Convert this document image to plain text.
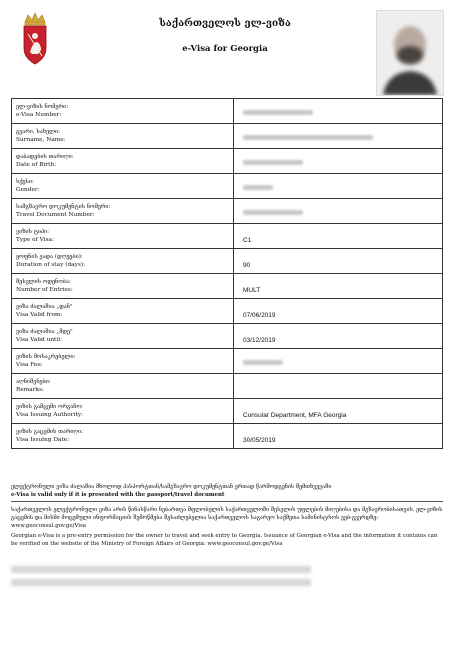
საქართველოს ელ-ვიზა
e-Visa for Georgia
ელ-ვიზის ნომერი:
e-Visa Number:	

გვარი, სახელი:
Surname, Name:	

დაბადების თარიღი:
Date of Birth:	

სქესი:
Gender:	

სამგზავრო დოკუმენტის ნომერი:
Travel Document Number:	

ვიზის ტიპი:
Type of Visa:	C1

ყოფნის ვადა (დღეები):
Duration of stay (days):	90

შესვლის ოდენობა:
Number of Entries:	MULT

ვიზა ძალაშია „დან"
Visa Valid from:	07/06/2019

ვიზა ძალაშია „მდე"
Visa Valid until:	03/12/2019

ვიზის მოსაკრებელი:
Visa Fee:	

აღნიშვნები:
Remarks:	

ვიზის გამცემი ორგანო:
Visa Issuing Authority:	Consular Department, MFA Georgia

ვიზის გაცემის თარიღი:
Visa Issuing Date:	30/05/2019
ელექტრონული ვიზა ძალაშია მხოლოდ პასპორტთან/სამგზავრო დოკუმენტთან ერთად წარმოდგენის შემთხვევაში
e-Visa is valid only if it is presented with the passport/travel document
საქართველოს ელექტრონული ვიზა არის წინასწარი ნებართვა მფლობელის საქართველოში შესვლის უფლების მიღებისა და მგზავრობისათვის. ელ-ვიზის გაცემის და მისში მოცემული ინფორმაციის შემოწმება შესაძლებელია საქართველოს საგარეო საქმეთა სამინისტროს ვებ-გვერდზე: www.geoconsul.gov.ge/Visa
Georgian e-Visa is a pre-entry permission for the owner to travel and seek entry to Georgia. Issuance of Georgian e-Visa and the information it contains can be verified on the website of the Ministry of Foreign Affairs of Georgia: www.geoconsul.gov.ge/Visa
